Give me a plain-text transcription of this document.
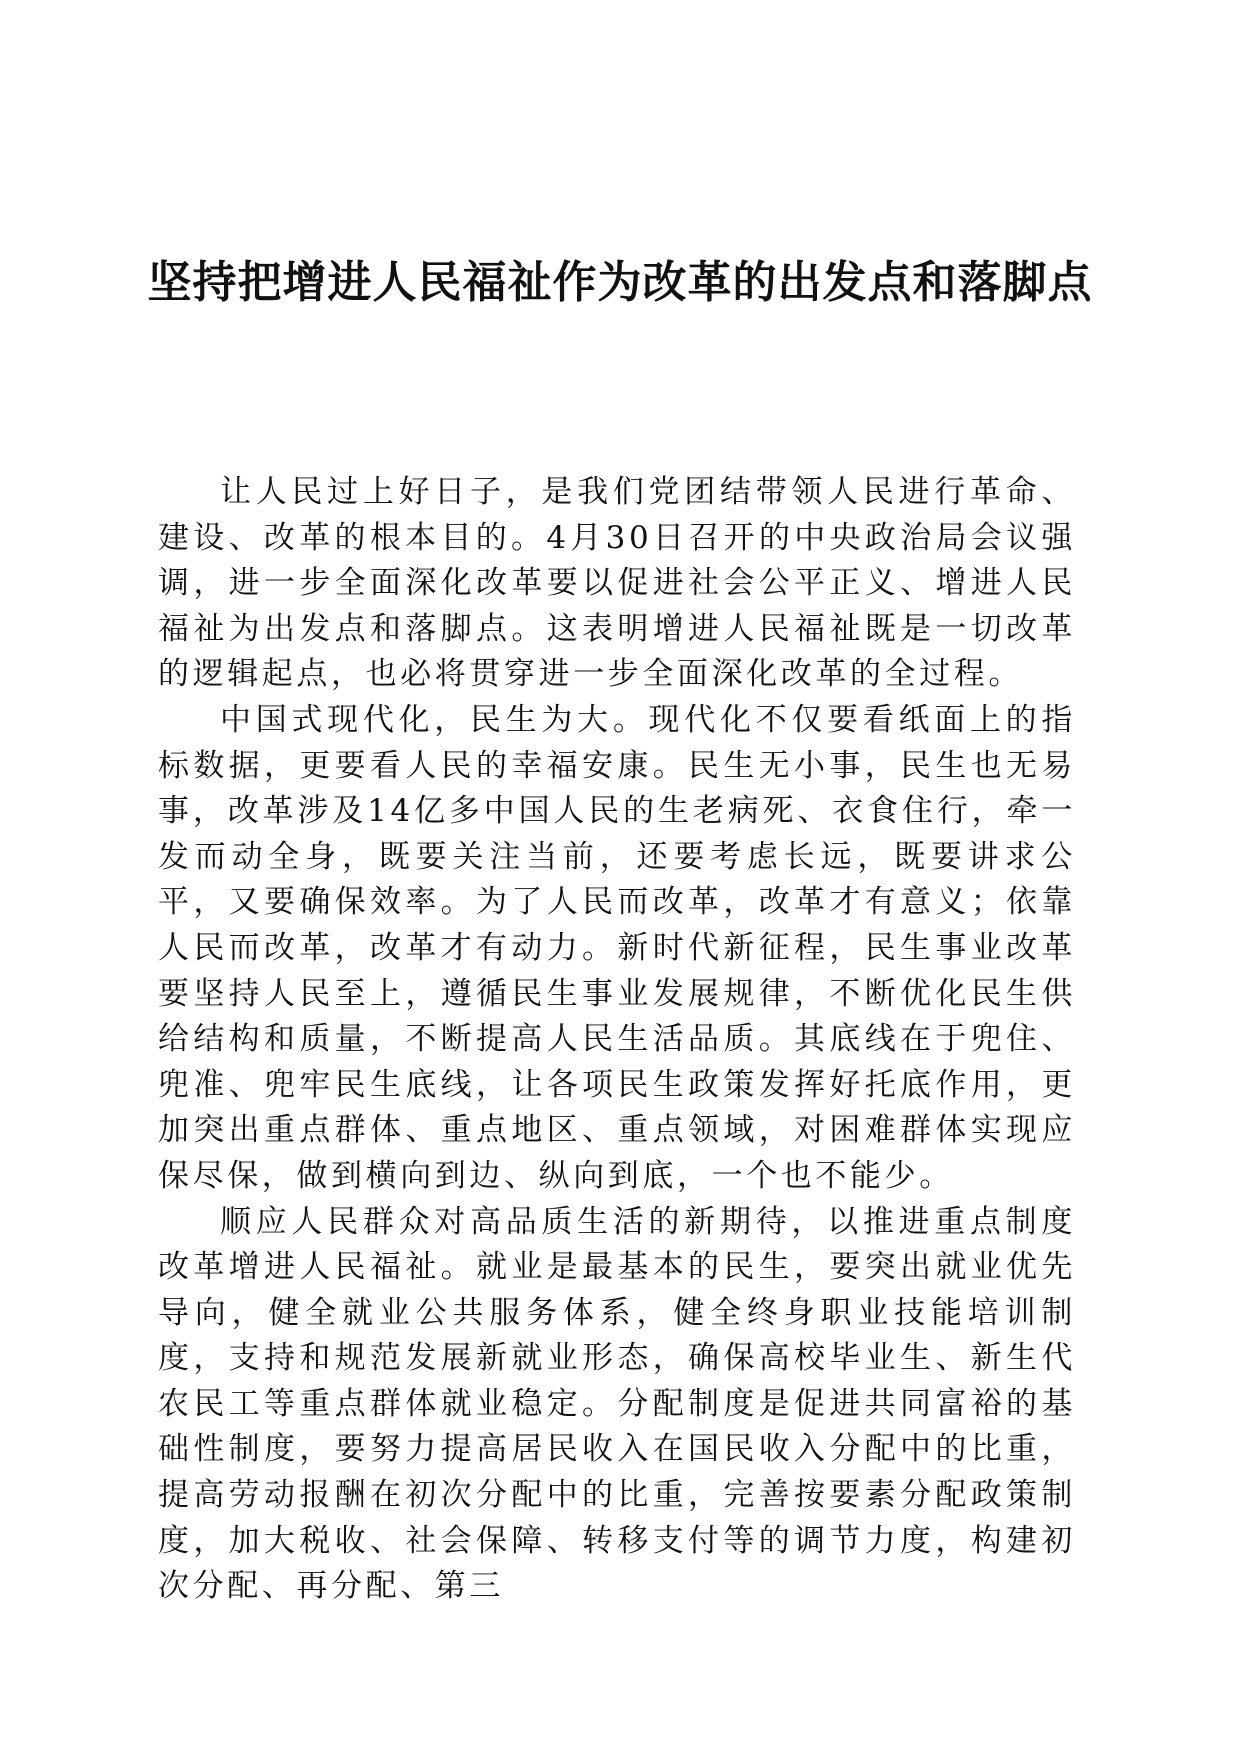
坚持把增进人民福祉作为改革的出发点和落脚点

让人民过上好日子，是我们党团结带领人民进行革命、建设、改革的根本目的。4月30日召开的中央政治局会议强调，进一步全面深化改革要以促进社会公平正义、增进人民福祉为出发点和落脚点。这表明增进人民福祉既是一切改革的逻辑起点，也必将贯穿进一步全面深化改革的全过程。

中国式现代化，民生为大。现代化不仅要看纸面上的指标数据，更要看人民的幸福安康。民生无小事，民生也无易事，改革涉及14亿多中国人民的生老病死、衣食住行，牵一发而动全身，既要关注当前，还要考虑长远，既要讲求公平，又要确保效率。为了人民而改革，改革才有意义；依靠人民而改革，改革才有动力。新时代新征程，民生事业改革要坚持人民至上，遵循民生事业发展规律，不断优化民生供给结构和质量，不断提高人民生活品质。其底线在于兜住、兜准、兜牢民生底线，让各项民生政策发挥好托底作用，更加突出重点群体、重点地区、重点领域，对困难群体实现应保尽保，做到横向到边、纵向到底，一个也不能少。

顺应人民群众对高品质生活的新期待，以推进重点制度改革增进人民福祉。就业是最基本的民生，要突出就业优先导向，健全就业公共服务体系，健全终身职业技能培训制度，支持和规范发展新就业形态，确保高校毕业生、新生代农民工等重点群体就业稳定。分配制度是促进共同富裕的基础性制度，要努力提高居民收入在国民收入分配中的比重，提高劳动报酬在初次分配中的比重，完善按要素分配政策制度，加大税收、社会保障、转移支付等的调节力度，构建初次分配、再分配、第三
